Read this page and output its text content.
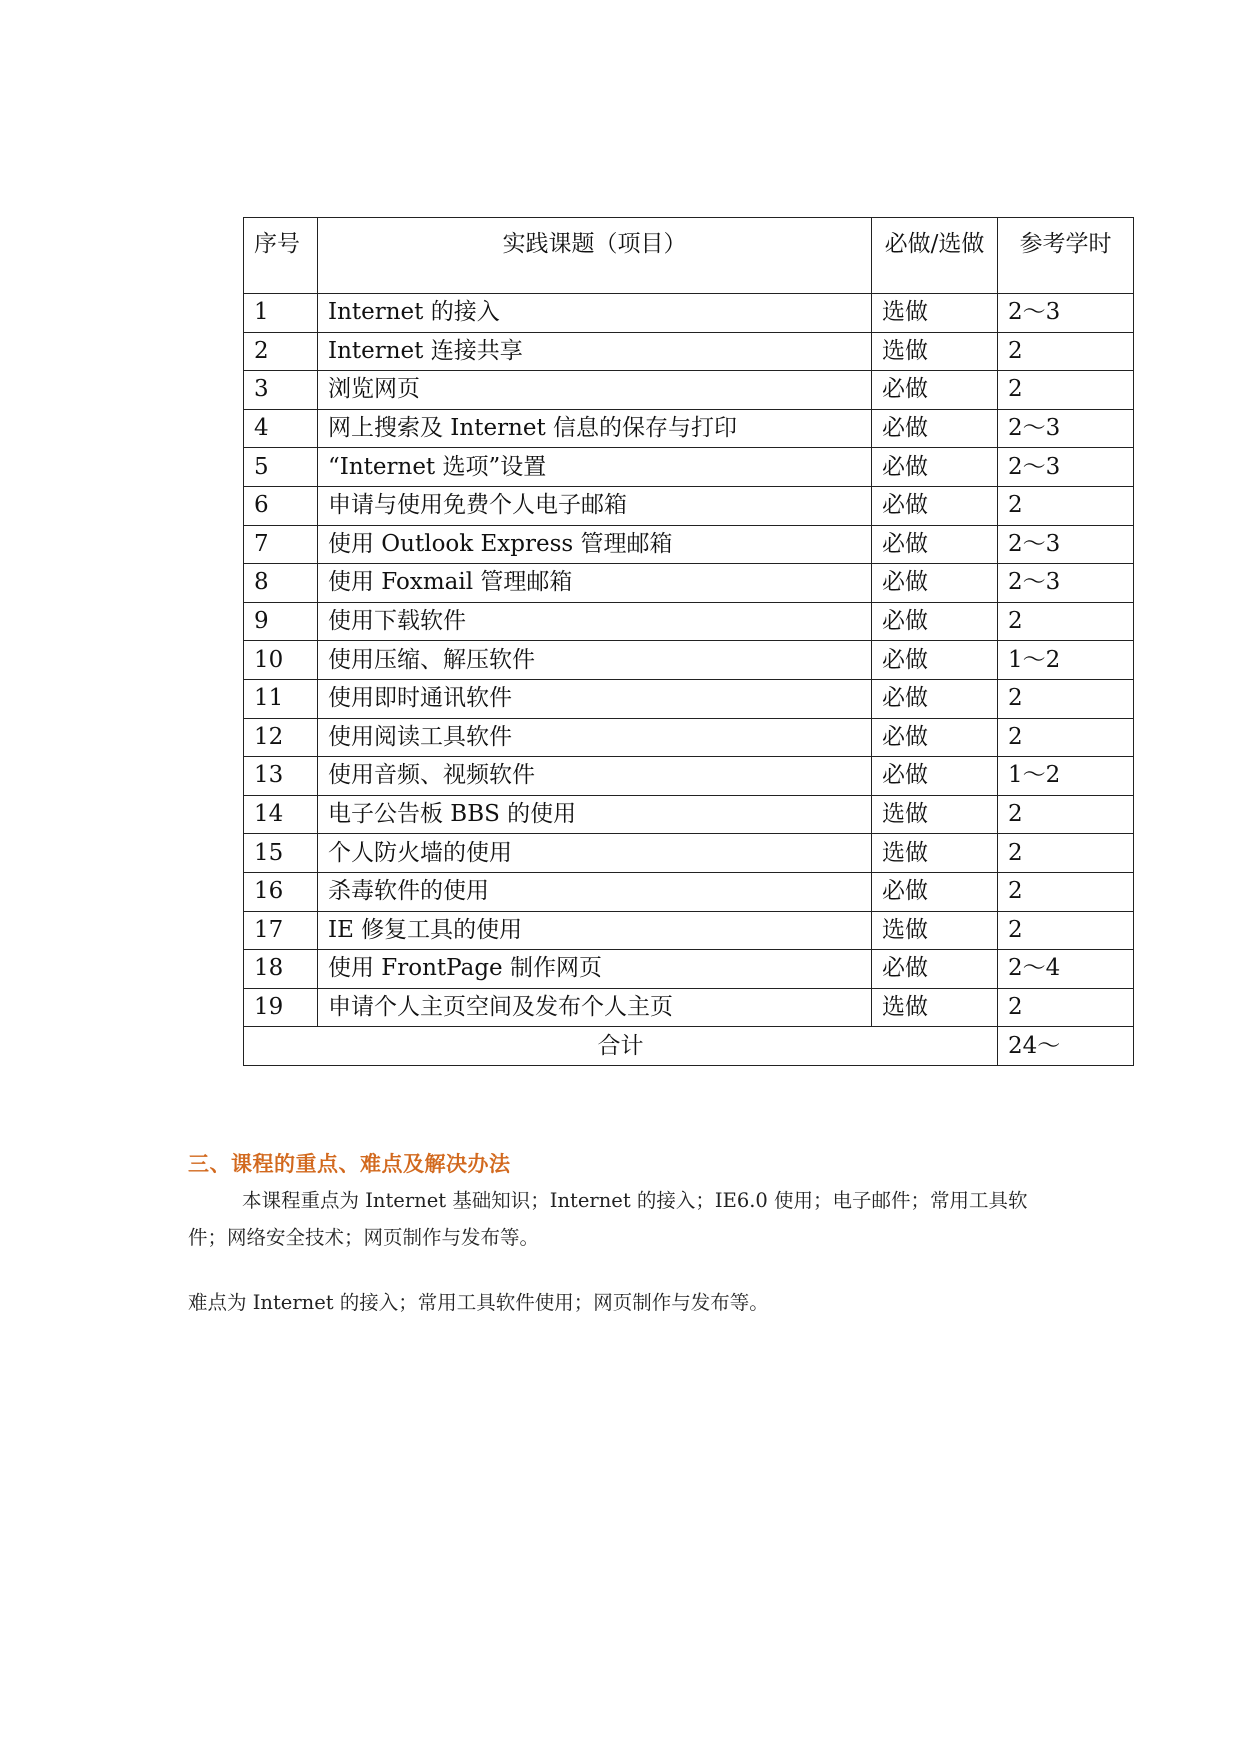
序号	实践课题（项目）	必做/选做	参考学时
1	Internet 的接入	选做	2～3
2	Internet 连接共享	选做	2
3	浏览网页	必做	2
4	网上搜索及 Internet 信息的保存与打印	必做	2～3
5	“Internet 选项”设置	必做	2～3
6	申请与使用免费个人电子邮箱	必做	2
7	使用 Outlook Express 管理邮箱	必做	2～3
8	使用 Foxmail 管理邮箱	必做	2～3
9	使用下载软件	必做	2
10	使用压缩、解压软件	必做	1～2
11	使用即时通讯软件	必做	2
12	使用阅读工具软件	必做	2
13	使用音频、视频软件	必做	1～2
14	电子公告板 BBS 的使用	选做	2
15	个人防火墙的使用	选做	2
16	杀毒软件的使用	必做	2
17	IE 修复工具的使用	选做	2
18	使用 FrontPage 制作网页	必做	2～4
19	申请个人主页空间及发布个人主页	选做	2
合计			24～
三、课程的重点、难点及解决办法
本课程重点为 Internet 基础知识；Internet 的接入；IE6.0 使用；电子邮件；常用工具软件；网络安全技术；网页制作与发布等。
难点为 Internet 的接入；常用工具软件使用；网页制作与发布等。
